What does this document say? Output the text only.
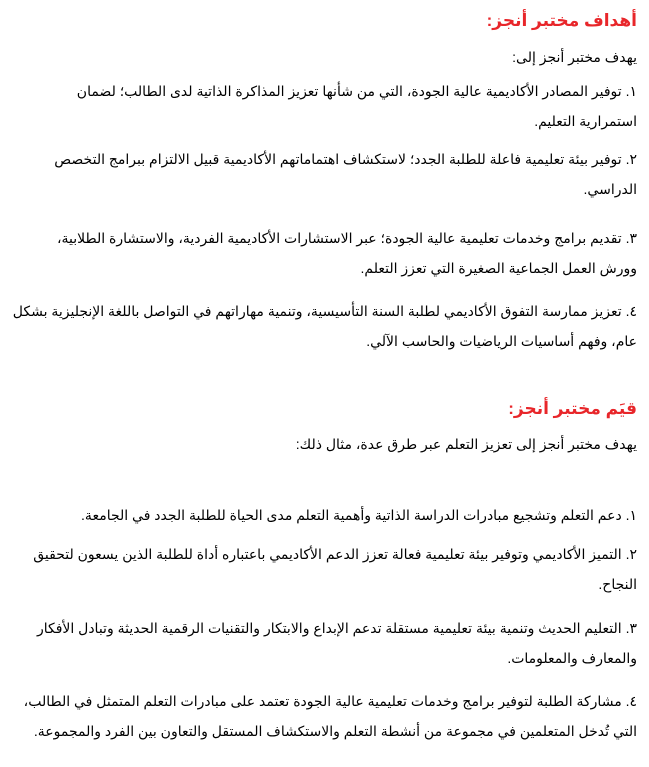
أهداف مختبر أنجز:
يهدف مختبر أنجز إلى:
١. توفير المصادر الأكاديمية عالية الجودة، التي من شأنها تعزيز المذاكرة الذاتية لدى الطالب؛ لضمان
استمرارية التعليم.
٢. توفير بيئة تعليمية فاعلة للطلبة الجدد؛ لاستكشاف اهتماماتهم الأكاديمية قبيل الالتزام ببرامج التخصص
الدراسي.
٣. تقديم برامج وخدمات تعليمية عالية الجودة؛ عبر الاستشارات الأكاديمية الفردية، والاستشارة الطلابية،
وورش العمل الجماعية الصغيرة التي تعزز التعلم.
٤. تعزيز ممارسة التفوق الأكاديمي لطلبة السنة التأسيسية، وتنمية مهاراتهم في التواصل باللغة الإنجليزية بشكل
عام، وفهم أساسيات الرياضيات والحاسب الآلي.
قيَم مختبر أنجز:
يهدف مختبر أنجز إلى تعزيز التعلم عبر طرق عدة، مثال ذلك:
١. دعم التعلم وتشجيع مبادرات الدراسة الذاتية وأهمية التعلم مدى الحياة للطلبة الجدد في الجامعة.
٢. التميز الأكاديمي وتوفير بيئة تعليمية فعالة تعزز الدعم الأكاديمي باعتباره أداة للطلبة الذين يسعون لتحقيق
النجاح.
٣. التعليم الحديث وتنمية بيئة تعليمية مستقلة تدعم الإبداع والابتكار والتقنيات الرقمية الحديثة وتبادل الأفكار
والمعارف والمعلومات.
٤. مشاركة الطلبة لتوفير برامج وخدمات تعليمية عالية الجودة تعتمد على مبادرات التعلم المتمثل في الطالب،
التي تُدخل المتعلمين في مجموعة من أنشطة التعلم والاستكشاف المستقل والتعاون بين الفرد والمجموعة.
